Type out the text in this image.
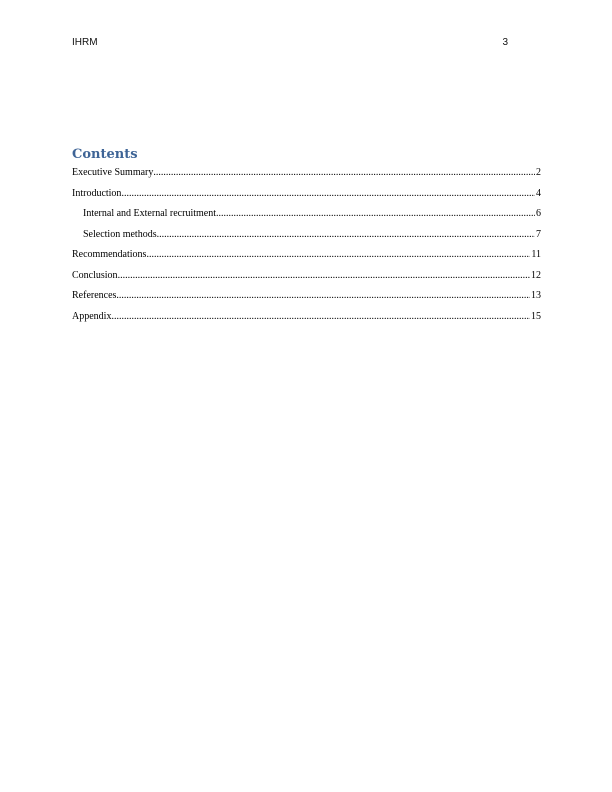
IHRM	3
Contents
Executive Summary .....	2
Introduction .....	4
Internal and External recruitment .....	6
Selection methods .....	7
Recommendations .....	11
Conclusion .....	12
References .....	13
Appendix .....	15
